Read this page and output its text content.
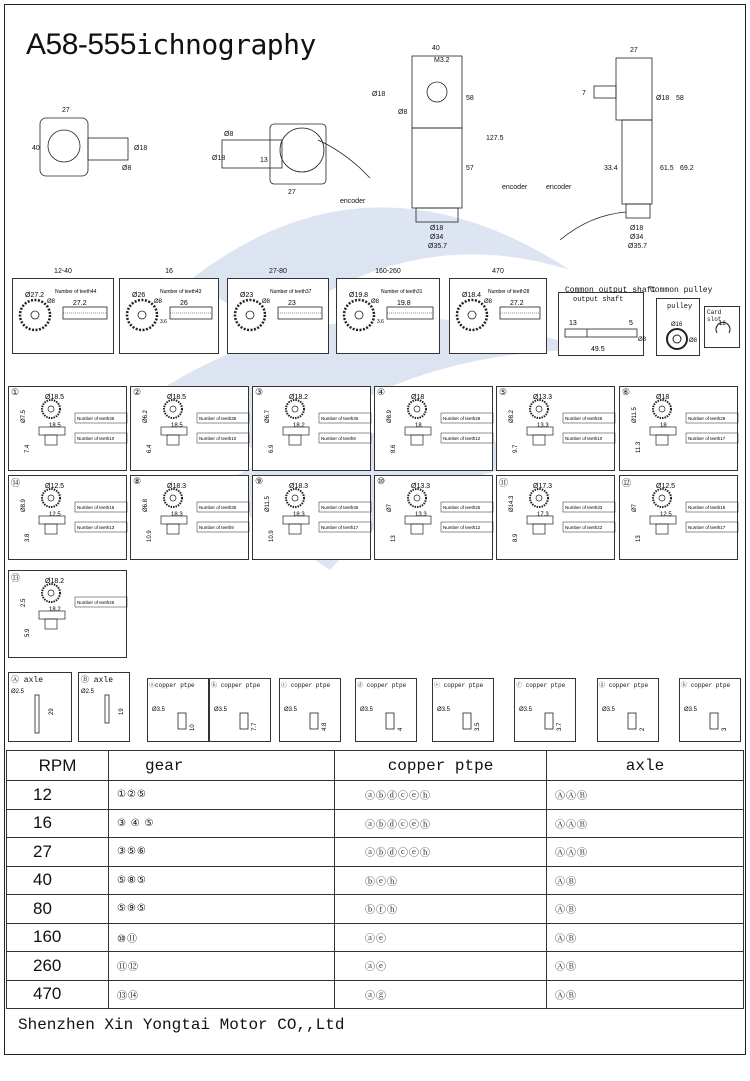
A58-555ichnography
27
40	Ø18
Ø8
Ø18
Ø8
27
13
encoder
40
M3.2
Ø18
Ø8
58
127.5
57
Ø18
Ø34
Ø35.7
encoder
27
7
Ø18 58
33.4	61.5 69.2
Ø18
Ø34
Ø35.7
encoder
12-40
Ø27.2
Ø8	27.2
Number of teeth44
16
Ø26
Ø8	26
Number of teeth43
3.6
27-80
Ø23
Ø8	23
Number of teeth37
160-260
Ø19.8
Ø8	19.8
Number of teeth31
3.6
470
Ø18.4
Ø8	27.2
Number of teeth28
output shaft
13	5
49.5
Ø8
Common output shaft
Common pulley
pulley
Ø16
Ø8
Card slot
12
①
Ø18.5
Ø7.5
18.5
7.4
Number of teeth35
Number of teeth10
②
Ø18.5
Ø6.2
18.5
6.4
Number of teeth35
Number of teeth10
③
Ø18.2
Ø6.7
18.2
6.9
Number of teeth35
Number of teeth9
④
Ø18
Ø8.9
18
8.6
Number of teeth29
Number of teeth12
⑤
Ø13.3
Ø8.2
13.3
9.7
Number of teeth25
Number of teeth10
⑥
Ø18
Ø11.5
18
11.3
Number of teeth29
Number of teeth17
⑭	Ø12.5
Ø8.9
12.5
3.8
Number of teeth16
Number of teeth13
⑧
Ø18.3
Ø6.8
18.3
10.9
Number of teeth35
Number of teeth9
⑨
Ø18.3
Ø11.5
18.3
10.9
Number of teeth35
Number of teeth17
⑩
Ø13.3
Ø7
13.3
13
Number of teeth25
Number of teeth12
⑪	Ø17.3
Ø14.3
17.3
8.9
Number of teeth33
Number of teeth22
⑫	Ø12.5
Ø7
12.5
13
Number of teeth16
Number of teeth17
⑬	Ø18.2
2.5
18.2
5.9
Number of teeth25
Ⓐ axle
Ø2.5
29
Ⓑ axle
Ø2.5
19
ⓐcopper ptpe
Ø3.5
10
ⓑ copper ptpe
Ø3.5
7.7
ⓒ copper ptpe
Ø3.5
4.8
ⓓ copper ptpe
Ø3.5
4
ⓔ copper ptpe
Ø3.5
3.5
ⓕ copper ptpe
Ø3.5
3.7
ⓖ copper ptpe
Ø3.5
2
ⓗ copper ptpe
Ø3.5
3
RPM	gear	copper ptpe	axle
12	①②⑤	ⓐⓑⓓⓒⓔⓗ	ⒶⒶⒷ
16	③ ④ ⑤	ⓐⓑⓓⓒⓔⓗ	ⒶⒶⒷ
27	③⑤⑥	ⓐⓑⓓⓒⓔⓗ	ⒶⒶⒷ
40	⑤⑧⑤	ⓑⓔⓗ	ⒶⒷ
80	⑤⑨⑤	ⓑⓕⓗ	ⒶⒷ
160	⑩⑪	ⓐⓔ	ⒶⒷ
260	⑪⑫	ⓐⓔ	ⒶⒷ
470	⑬⑭	ⓐⓖ	ⒶⒷ
Shenzhen Xin Yongtai Motor CO,,Ltd
